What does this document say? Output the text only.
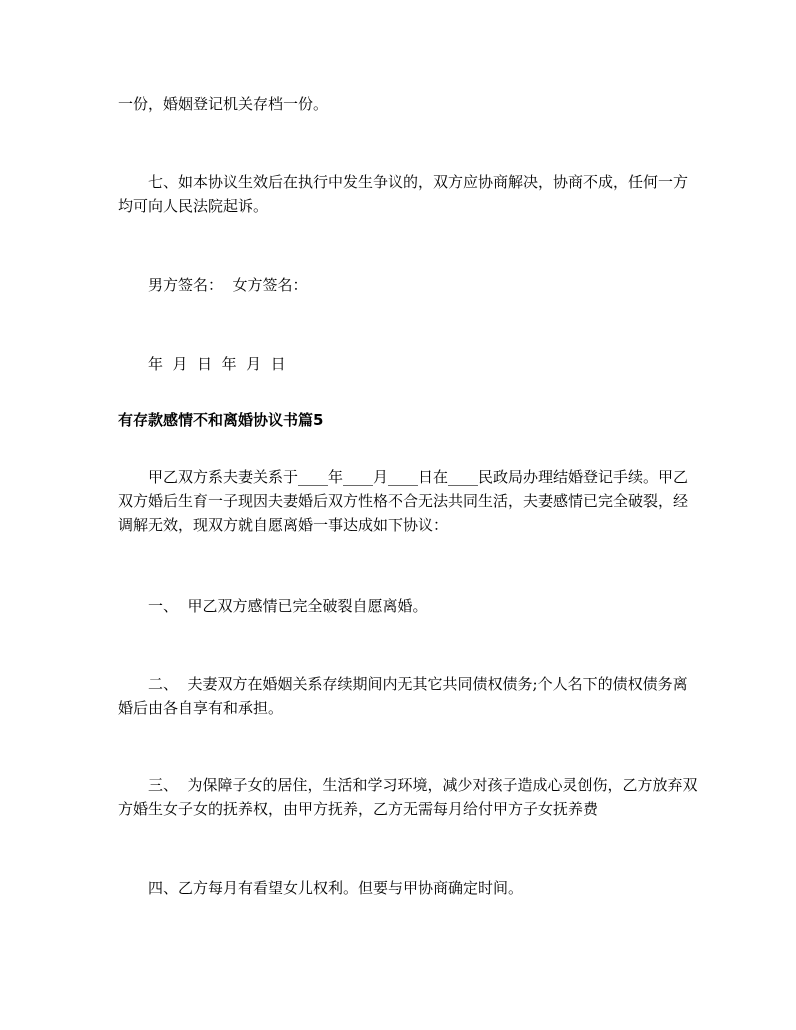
一份，婚姻登记机关存档一份。

七、如本协议生效后在执行中发生争议的，双方应协商解决，协商不成，任何一方均可向人民法院起诉。

男方签名：  女方签名：

年  月  日  年  月  日

有存款感情不和离婚协议书篇5

甲乙双方系夫妻关系于____年____月____日在____民政局办理结婚登记手续。甲乙双方婚后生育一子现因夫妻婚后双方性格不合无法共同生活，夫妻感情已完全破裂，经调解无效，现双方就自愿离婚一事达成如下协议：

一、  甲乙双方感情已完全破裂自愿离婚。

二、  夫妻双方在婚姻关系存续期间内无其它共同债权债务;个人名下的债权债务离婚后由各自享有和承担。

三、  为保障子女的居住，生活和学习环境，减少对孩子造成心灵创伤，乙方放弃双方婚生女子女的抚养权，由甲方抚养，乙方无需每月给付甲方子女抚养费

四、乙方每月有看望女儿权利。但要与甲协商确定时间。
